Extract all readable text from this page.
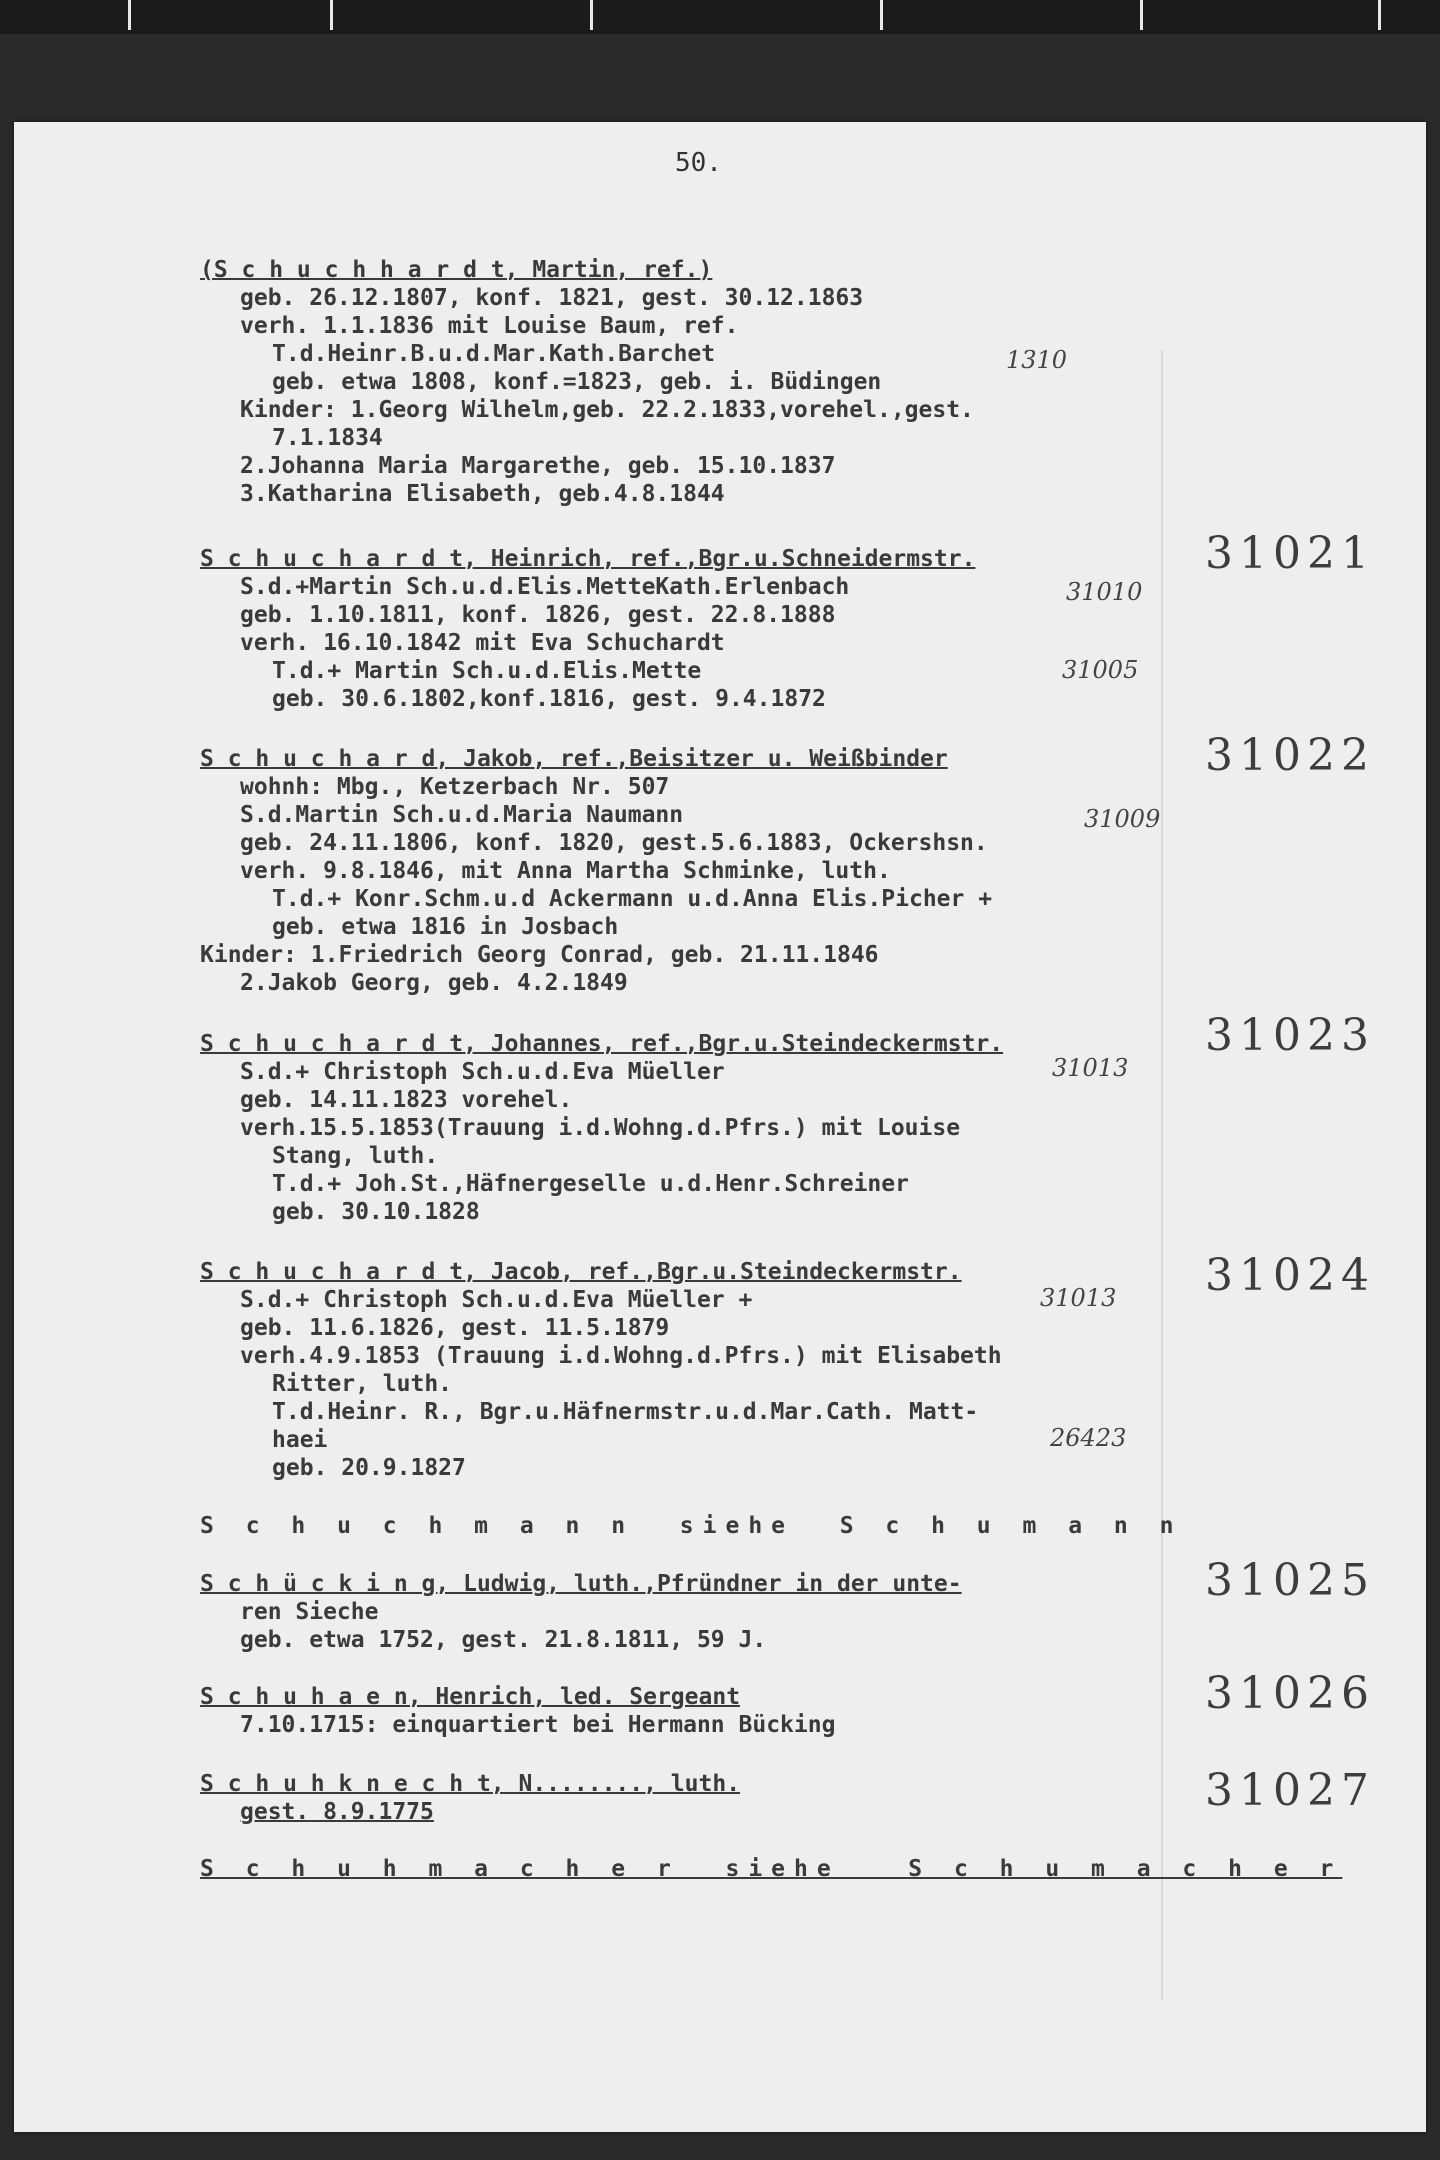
50.
(S c h u c h h a r d t, Martin, ref.)
geb. 26.12.1807, konf. 1821, gest. 30.12.1863
verh. 1.1.1836 mit Louise Baum, ref.
T.d.Heinr.B.u.d.Mar.Kath.Barchet
geb. etwa 1808, konf.=1823, geb. i. Büdingen
Kinder: 1.Georg Wilhelm,geb. 22.2.1833,vorehel.,gest.
7.1.1834
2.Johanna Maria Margarethe, geb. 15.10.1837
3.Katharina Elisabeth, geb.4.8.1844
1310
S c h u c h a r d t, Heinrich, ref.,Bgr.u.Schneidermstr.
S.d.+Martin Sch.u.d.Elis.MetteKath.Erlenbach
geb. 1.10.1811, konf. 1826, gest. 22.8.1888
verh. 16.10.1842 mit Eva Schuchardt
T.d.+ Martin Sch.u.d.Elis.Mette
geb. 30.6.1802,konf.1816, gest. 9.4.1872
31010
31005
31021
S c h u c h a r d, Jakob, ref.,Beisitzer u. Weißbinder
wohnh: Mbg., Ketzerbach Nr. 507
S.d.Martin Sch.u.d.Maria Naumann
geb. 24.11.1806, konf. 1820, gest.5.6.1883, Ockershsn.
verh. 9.8.1846, mit Anna Martha Schminke, luth.
T.d.+ Konr.Schm.u.d Ackermann u.d.Anna Elis.Picher +
geb. etwa 1816 in Josbach
Kinder: 1.Friedrich Georg Conrad, geb. 21.11.1846
2.Jakob Georg, geb. 4.2.1849
31009
31022
S c h u c h a r d t, Johannes, ref.,Bgr.u.Steindeckermstr.
S.d.+ Christoph Sch.u.d.Eva Müeller
geb. 14.11.1823 vorehel.
verh.15.5.1853(Trauung i.d.Wohng.d.Pfrs.) mit Louise
Stang, luth.
T.d.+ Joh.St.,Häfnergeselle u.d.Henr.Schreiner
geb. 30.10.1828
31013
31023
S c h u c h a r d t, Jacob, ref.,Bgr.u.Steindeckermstr.
S.d.+ Christoph Sch.u.d.Eva Müeller +
geb. 11.6.1826, gest. 11.5.1879
verh.4.9.1853 (Trauung i.d.Wohng.d.Pfrs.) mit Elisabeth
Ritter, luth.
T.d.Heinr. R., Bgr.u.Häfnermstr.u.d.Mar.Cath. Matt-
haei
geb. 20.9.1827
31013
26423
31024
S c h u c h m a n n  siehe  S c h u m a n n
S c h ü c k i n g, Ludwig, luth.,Pfründner in der unte-
ren Sieche
geb. etwa 1752, gest. 21.8.1811, 59 J.
31025
S c h u h a e n, Henrich, led. Sergeant
7.10.1715: einquartiert bei Hermann Bücking
31026
S c h u h k n e c h t, N........, luth.
gest. 8.9.1775	31027
S c h u h m a c h e r  siehe   S c h u m a c h e r
